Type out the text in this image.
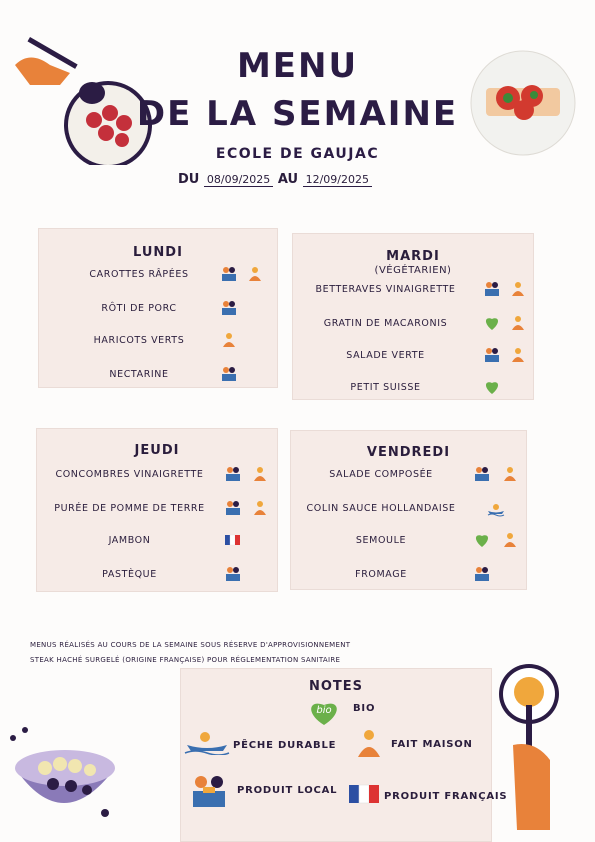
MENU
DE LA SEMAINE
ECOLE DE GAUJAC
DU 08/09/2025 AU 12/09/2025
LUNDI
CAROTTES RÂPÉES
RÔTI DE PORC
HARICOTS VERTS
NECTARINE
MARDI
(VÉGÉTARIEN)
BETTERAVES VINAIGRETTE
GRATIN DE MACARONIS
SALADE VERTE
PETIT SUISSE
JEUDI
CONCOMBRES VINAIGRETTE
PURÉE DE POMME DE TERRE
JAMBON
PASTÈQUE
VENDREDI
SALADE COMPOSÉE
COLIN SAUCE HOLLANDAISE
SEMOULE
FROMAGE
MENUS RÉALISÉS AU COURS DE LA SEMAINE SOUS RÉSERVE D'APPROVISIONNEMENT
STEAK HACHÉ SURGELÉ (ORIGINE FRANÇAISE) POUR RÉGLEMENTATION SANITAIRE
NOTES
bio	BIO
PÊCHE DURABLE	FAIT MAISON
PRODUIT LOCAL
PRODUIT FRANÇAIS
